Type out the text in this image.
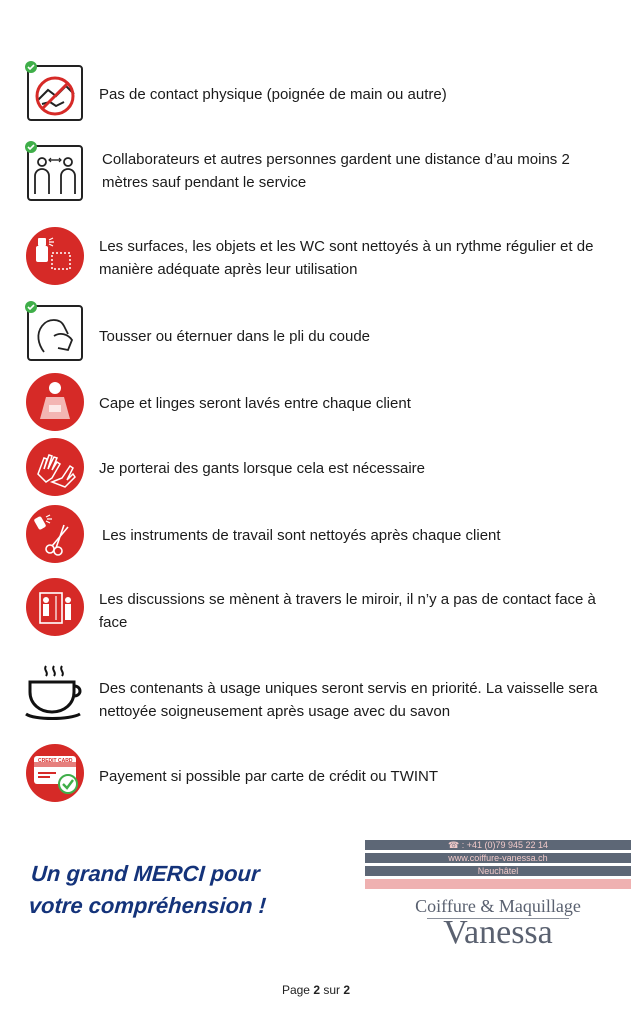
Pas de contact physique (poignée de main ou autre)
Collaborateurs et autres personnes gardent une distance d’au moins 2 mètres sauf pendant le service
Les surfaces, les objets et les WC sont nettoyés à un rythme régulier et de manière adéquate après leur utilisation
Tousser ou éternuer dans le pli du coude
Cape et linges seront lavés entre chaque client
Je porterai des gants lorsque cela est nécessaire
Les instruments de travail sont nettoyés après chaque client
Les discussions se mènent à travers le miroir, il n’y a pas de contact face à face
Des contenants à usage uniques seront servis en priorité. La vaisselle sera nettoyée soigneusement après usage avec du savon
CREDIT CARD
Payement si possible par carte de crédit ou TWINT
Un grand MERCI pour
votre compréhension !
☎ : +41 (0)79 945 22 14
www.coiffure-vanessa.ch
Neuchâtel
Coiffure & Maquillage
Vanessa
Page 2 sur 2
